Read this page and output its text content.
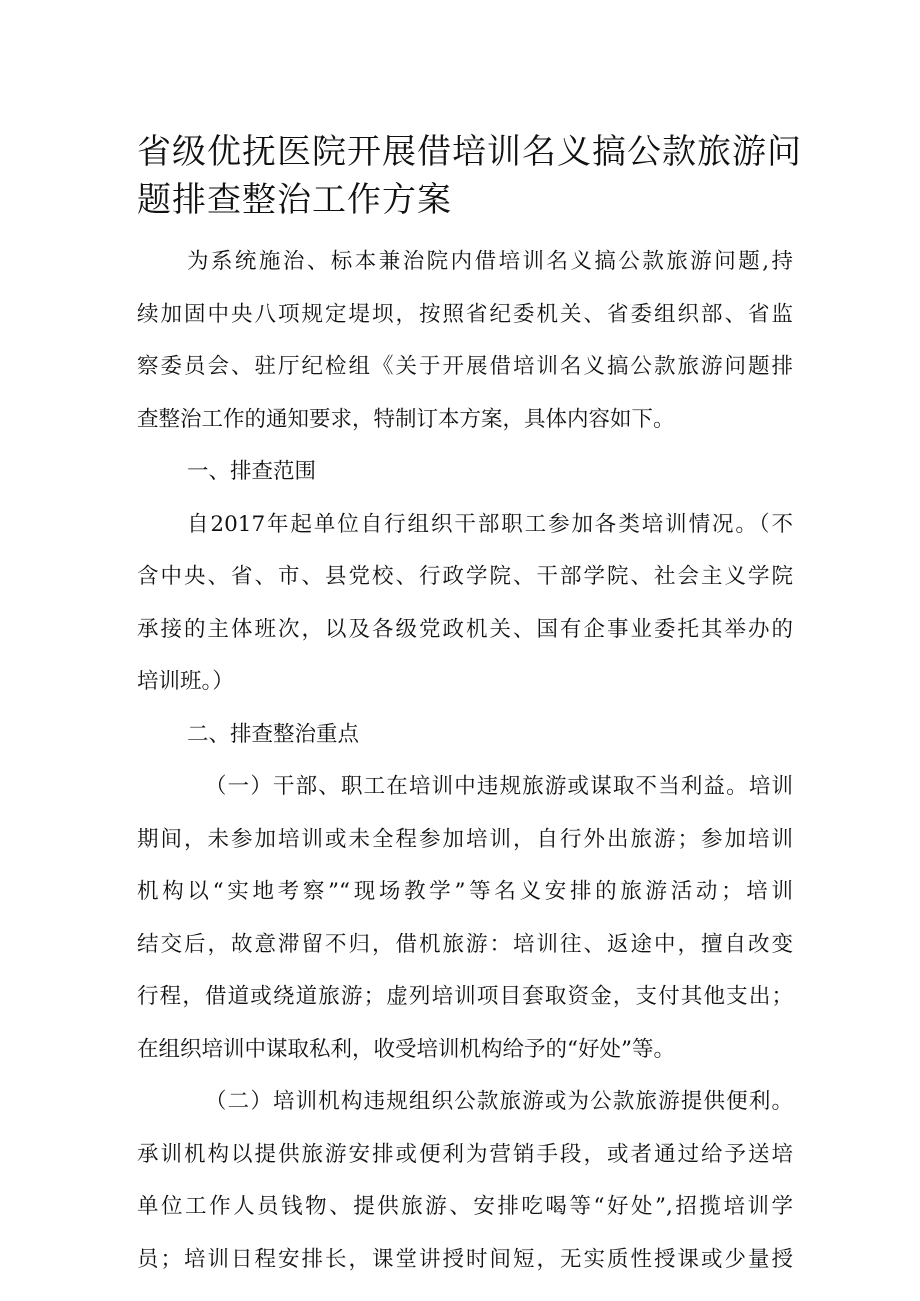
省级优抚医院开展借培训名义搞公款旅游问
题排查整治工作方案
为系统施治、标本兼治院内借培训名义搞公款旅游问题,持
续加固中央八项规定堤坝，按照省纪委机关、省委组织部、省监
察委员会、驻厅纪检组《关于开展借培训名义搞公款旅游问题排
查整治工作的通知要求，特制订本方案，具体内容如下。
一、排查范围
自2017年起单位自行组织干部职工参加各类培训情况。（不
含中央、省、市、县党校、行政学院、干部学院、社会主义学院
承接的主体班次，以及各级党政机关、国有企事业委托其举办的
培训班。）
二、排查整治重点
（一）干部、职工在培训中违规旅游或谋取不当利益。培训
期间，未参加培训或未全程参加培训，自行外出旅游；参加培训
机构以“实地考察”“现场教学”等名义安排的旅游活动；培训
结交后，故意滞留不归，借机旅游：培训往、返途中，擅自改变
行程，借道或绕道旅游；虚列培训项目套取资金，支付其他支出；
在组织培训中谋取私利，收受培训机构给予的“好处”等。
（二）培训机构违规组织公款旅游或为公款旅游提供便利。
承训机构以提供旅游安排或便利为营销手段，或者通过给予送培
单位工作人员钱物、提供旅游、安排吃喝等“好处”,招揽培训学
员；培训日程安排长，课堂讲授时间短，无实质性授课或少量授
